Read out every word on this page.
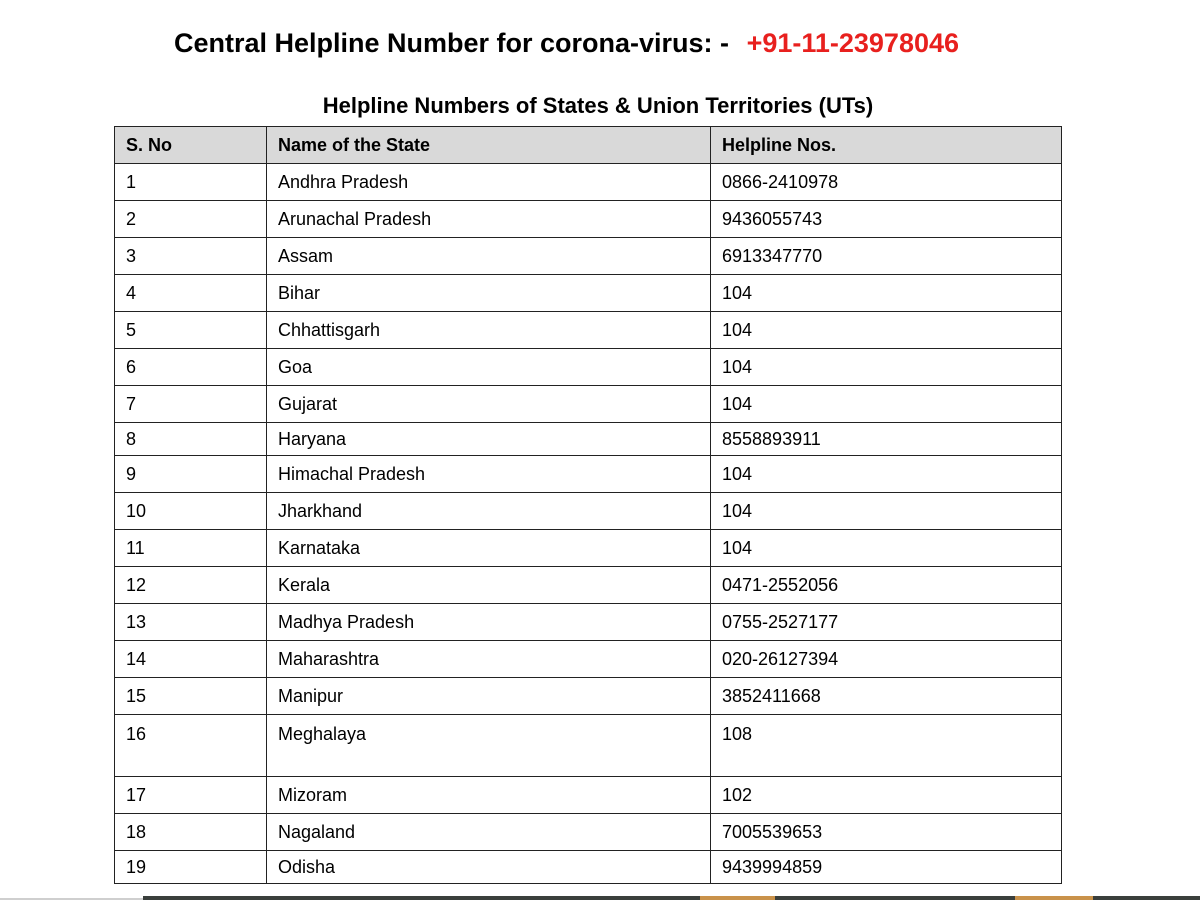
Central Helpline Number for corona-virus: - +91-11-23978046
Helpline Numbers of States & Union Territories (UTs)
S. No	Name of the State	Helpline Nos.
1	Andhra Pradesh	0866-2410978
2	Arunachal Pradesh	9436055743
3	Assam	6913347770
4	Bihar	104
5	Chhattisgarh	104
6	Goa	104
7	Gujarat	104
8	Haryana	8558893911
9	Himachal Pradesh	104
10	Jharkhand	104
11	Karnataka	104
12	Kerala	0471-2552056
13	Madhya Pradesh	0755-2527177
14	Maharashtra	020-26127394
15	Manipur	3852411668
16	Meghalaya	108
17	Mizoram	102
18	Nagaland	7005539653
19	Odisha	9439994859
